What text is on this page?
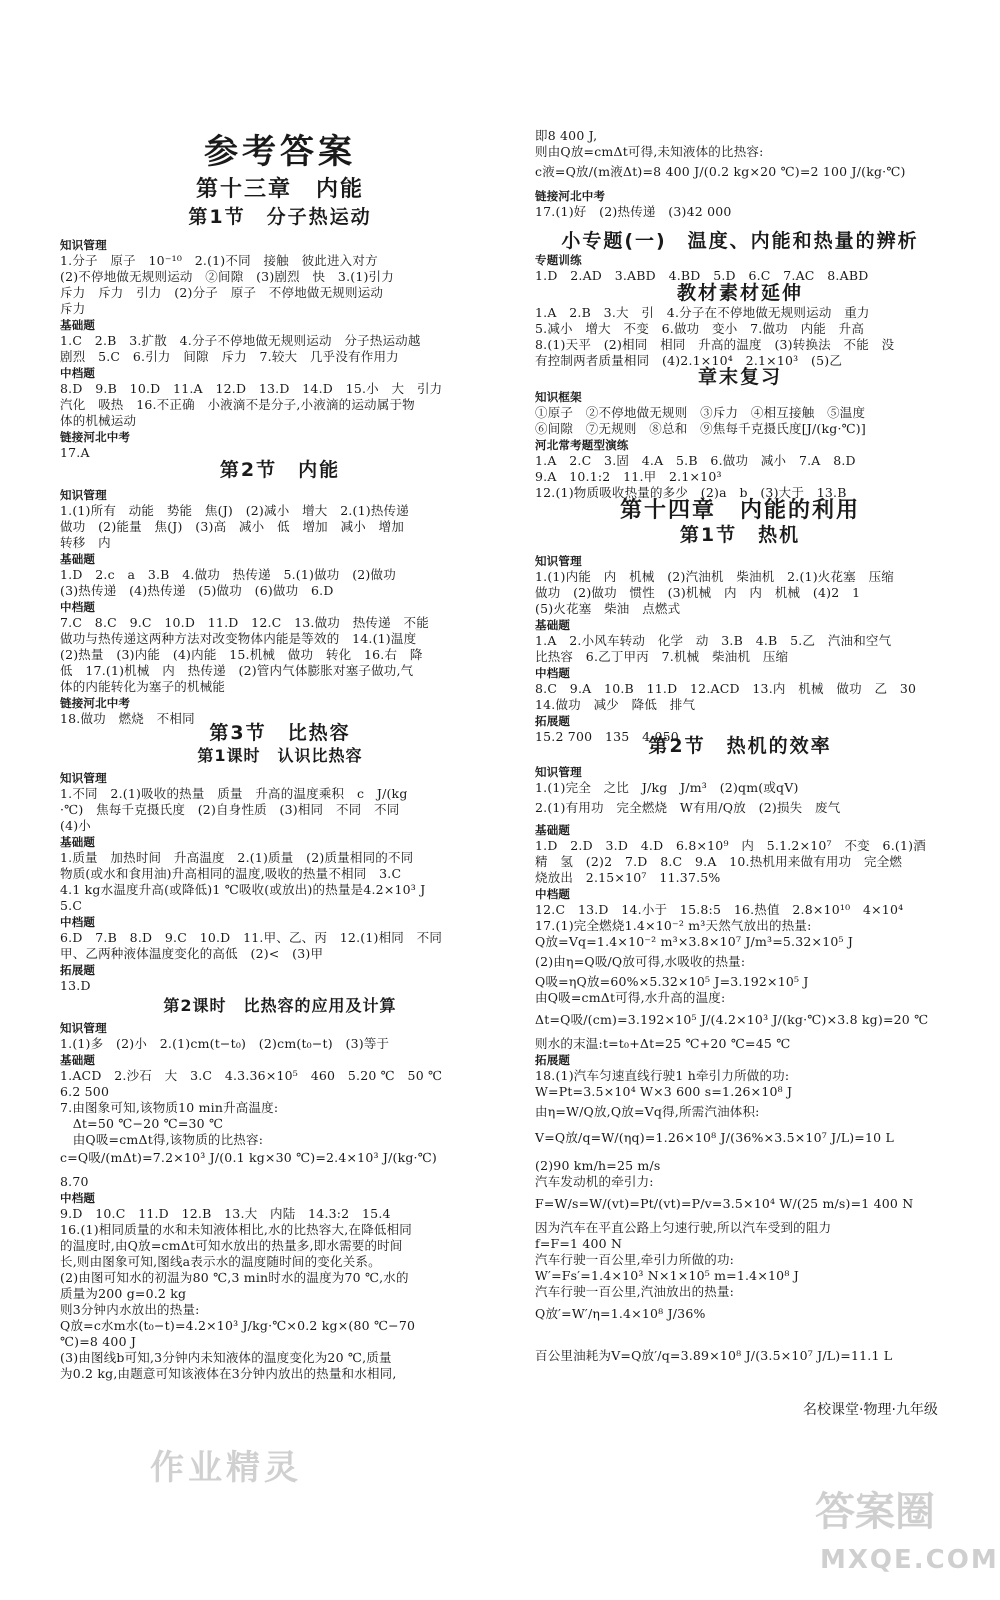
参考答案
第十三章　内能
第1节　分子热运动
知识管理
1.分子　原子　10⁻¹⁰　2.(1)不同　接触　彼此进入对方
(2)不停地做无规则运动　②间隙　(3)剧烈　快　3.(1)引力
斥力　斥力　引力　(2)分子　原子　不停地做无规则运动
斥力
基础题
1.C　2.B　3.扩散　4.分子不停地做无规则运动　分子热运动越
剧烈　5.C　6.引力　间隙　斥力　7.较大　几乎没有作用力
中档题
8.D　9.B　10.D　11.A　12.D　13.D　14.D　15.小　大　引力
汽化　吸热　16.不正确　小液滴不是分子,小液滴的运动属于物
体的机械运动
链接河北中考
17.A
第2节　内能
知识管理
1.(1)所有　动能　势能　焦(J)　(2)减小　增大　2.(1)热传递
做功　(2)能量　焦(J)　(3)高　减小　低　增加　减小　增加
转移　内
基础题
1.D　2.c　a　3.B　4.做功　热传递　5.(1)做功　(2)做功
(3)热传递　(4)热传递　(5)做功　(6)做功　6.D
中档题
7.C　8.C　9.C　10.D　11.D　12.C　13.做功　热传递　不能
做功与热传递这两种方法对改变物体内能是等效的　14.(1)温度
(2)热量　(3)内能　(4)内能　15.机械　做功　转化　16.右　降
低　17.(1)机械　内　热传递　(2)管内气体膨胀对塞子做功,气
体的内能转化为塞子的机械能
链接河北中考
18.做功　燃烧　不相同
第3节　比热容
第1课时　认识比热容
知识管理
1.不同　2.(1)吸收的热量　质量　升高的温度乘积　c　J/(kg
·℃)　焦每千克摄氏度　(2)自身性质　(3)相同　不同　不同
(4)小
基础题
1.质量　加热时间　升高温度　2.(1)质量　(2)质量相同的不同
物质(或水和食用油)升高相同的温度,吸收的热量不相同　3.C
4.1 kg水温度升高(或降低)1 ℃吸收(或放出)的热量是4.2×10³ J
5.C
中档题
6.D　7.B　8.D　9.C　10.D　11.甲、乙、丙　12.(1)相同　不同
甲、乙两种液体温度变化的高低　(2)<　(3)甲
拓展题
13.D
第2课时　比热容的应用及计算
知识管理
1.(1)多　(2)小　2.(1)cm(t−t₀)　(2)cm(t₀−t)　(3)等于
基础题
1.ACD　2.沙石　大　3.C　4.3.36×10⁵　460　5.20 ℃　50 ℃
6.2 500
7.由图象可知,该物质10 min升高温度:
　Δt=50 ℃−20 ℃=30 ℃
　由Q吸=cmΔt得,该物质的比热容:
c=Q吸/(mΔt)=7.2×10³ J/(0.1 kg×30 ℃)=2.4×10³ J/(kg·℃)
8.70
中档题
9.D　10.C　11.D　12.B　13.大　内陆　14.3:2　15.4
16.(1)相同质量的水和未知液体相比,水的比热容大,在降低相同
的温度时,由Q放=cmΔt可知水放出的热量多,即水需要的时间
长,则由图象可知,图线a表示水的温度随时间的变化关系。
(2)由图可知水的初温为80 ℃,3 min时水的温度为70 ℃,水的
质量为200 g=0.2 kg
则3分钟内水放出的热量:
Q放=c水m水(t₀−t)=4.2×10³ J/kg·℃×0.2 kg×(80 ℃−70
℃)=8 400 J
(3)由图线b可知,3分钟内未知液体的温度变化为20 ℃,质量
为0.2 kg,由题意可知该液体在3分钟内放出的热量和水相同,
即8 400 J,
则由Q放=cmΔt可得,未知液体的比热容:
c液=Q放/(m液Δt)=8 400 J/(0.2 kg×20 ℃)=2 100 J/(kg·℃)
链接河北中考
17.(1)好　(2)热传递　(3)42 000
小专题(一)　温度、内能和热量的辨析
专题训练
1.D　2.AD　3.ABD　4.BD　5.D　6.C　7.AC　8.ABD
教材素材延伸
1.A　2.B　3.大　引　4.分子在不停地做无规则运动　重力
5.减小　增大　不变　6.做功　变小　7.做功　内能　升高
8.(1)天平　(2)相同　相同　升高的温度　(3)转换法　不能　没
有控制两者质量相同　(4)2.1×10⁴　2.1×10³　(5)乙
章末复习
知识框架
①原子　②不停地做无规则　③斥力　④相互接触　⑤温度
⑥间隙　⑦无规则　⑧总和　⑨焦每千克摄氏度[J/(kg·℃)]
河北常考题型演练
1.A　2.C　3.固　4.A　5.B　6.做功　减小　7.A　8.D
9.A　10.1:2　11.甲　2.1×10³
12.(1)物质吸收热量的多少　(2)a　b　(3)大于　13.B
第十四章　内能的利用
第1节　热机
知识管理
1.(1)内能　内　机械　(2)汽油机　柴油机　2.(1)火花塞　压缩
做功　(2)做功　惯性　(3)机械　内　内　机械　(4)2　1
(5)火花塞　柴油　点燃式
基础题
1.A　2.小风车转动　化学　动　3.B　4.B　5.乙　汽油和空气
比热容　6.乙丁甲丙　7.机械　柴油机　压缩
中档题
8.C　9.A　10.B　11.D　12.ACD　13.内　机械　做功　乙　30
14.做功　减少　降低　排气
拓展题
15.2 700　135　4 050
第2节　热机的效率
知识管理
1.(1)完全　之比　J/kg　J/m³　(2)qm(或qV)
2.(1)有用功　完全燃烧　W有用/Q放　(2)损失　废气
基础题
1.D　2.D　3.D　4.D　6.8×10⁹　内　5.1.2×10⁷　不变　6.(1)酒
精　氢　(2)2　7.D　8.C　9.A　10.热机用来做有用功　完全燃
烧放出　2.15×10⁷　11.37.5%
中档题
12.C　13.D　14.小于　15.8:5　16.热值　2.8×10¹⁰　4×10⁴
17.(1)完全燃烧1.4×10⁻² m³天然气放出的热量:
Q放=Vq=1.4×10⁻² m³×3.8×10⁷ J/m³=5.32×10⁵ J
(2)由η=Q吸/Q放可得,水吸收的热量:
Q吸=ηQ放=60%×5.32×10⁵ J=3.192×10⁵ J
由Q吸=cmΔt可得,水升高的温度:
Δt=Q吸/(cm)=3.192×10⁵ J/(4.2×10³ J/(kg·℃)×3.8 kg)=20 ℃
则水的末温:t=t₀+Δt=25 ℃+20 ℃=45 ℃
拓展题
18.(1)汽车匀速直线行驶1 h牵引力所做的功:
W=Pt=3.5×10⁴ W×3 600 s=1.26×10⁸ J
由η=W/Q放,Q放=Vq得,所需汽油体积:
V=Q放/q=W/(ηq)=1.26×10⁸ J/(36%×3.5×10⁷ J/L)=10 L
(2)90 km/h=25 m/s
汽车发动机的牵引力:
F=W/s=W/(vt)=Pt/(vt)=P/v=3.5×10⁴ W/(25 m/s)=1 400 N
因为汽车在平直公路上匀速行驶,所以汽车受到的阻力
f=F=1 400 N
汽车行驶一百公里,牵引力所做的功:
W′=Fs′=1.4×10³ N×1×10⁵ m=1.4×10⁸ J
汽车行驶一百公里,汽油放出的热量:
Q放′=W′/η=1.4×10⁸ J/36%
百公里油耗为V=Q放′/q=3.89×10⁸ J/(3.5×10⁷ J/L)=11.1 L
名校课堂·物理·九年级
作业精灵
答案圈
MXQE.COM
